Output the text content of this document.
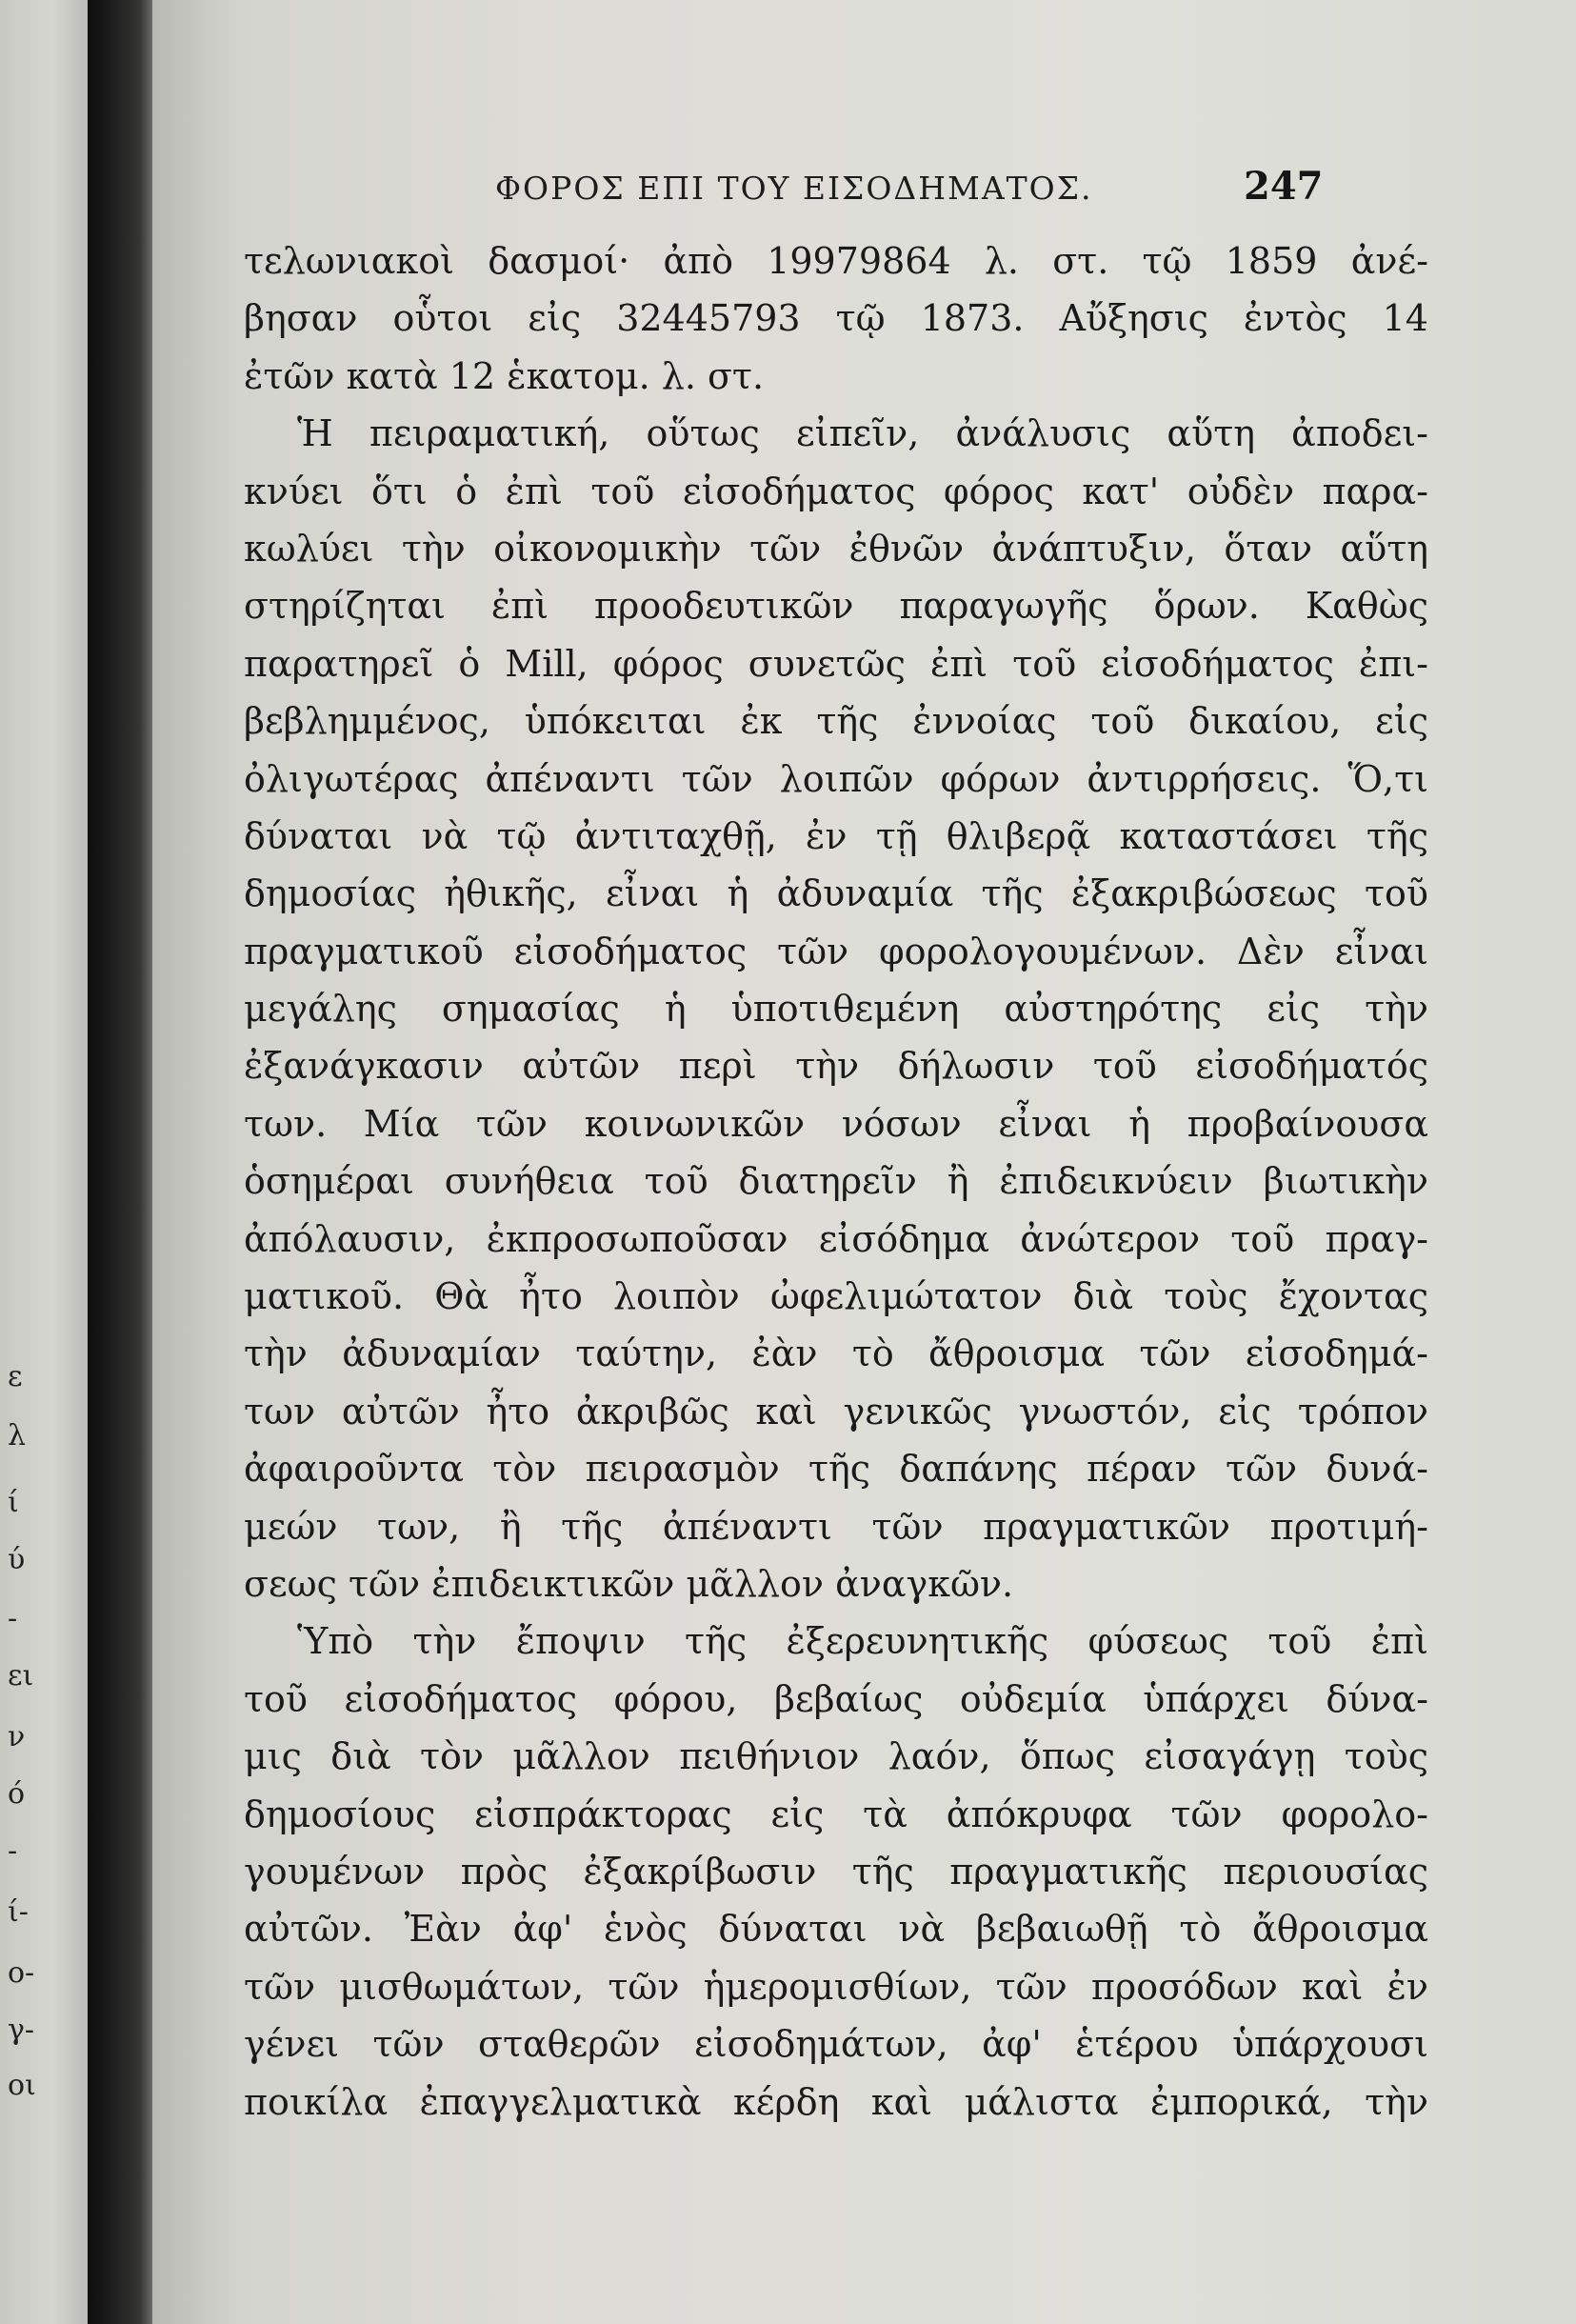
ε
λ
ί
ύ
-
ει
ν
ό
-
ί-
ο-
γ-
οι
ΦΟΡΟΣ ΕΠΙ ΤΟΥ ΕΙΣΟΔΗΜΑΤΟΣ.	247
τελωνιακοὶ δασμοί· ἀπὸ 19979864 λ. στ. τῷ 1859 ἀνέ-
βησαν οὗτοι εἰς 32445793 τῷ 1873. Αὔξησις ἐντὸς 14
ἐτῶν κατὰ 12 ἑκατομ. λ. στ.
Ἡ πειραματική, οὕτως εἰπεῖν, ἀνάλυσις αὕτη ἀποδει-
κνύει ὅτι ὁ ἐπὶ τοῦ εἰσοδήματος φόρος κατ' οὐδὲν παρα-
κωλύει τὴν οἰκονομικὴν τῶν ἐθνῶν ἀνάπτυξιν, ὅταν αὕτη
στηρίζηται ἐπὶ προοδευτικῶν παραγωγῆς ὅρων. Καθὼς
παρατηρεῖ ὁ Mill, φόρος συνετῶς ἐπὶ τοῦ εἰσοδήματος ἐπι-
βεβλημμένος, ὑπόκειται ἐκ τῆς ἐννοίας τοῦ δικαίου, εἰς
ὀλιγωτέρας ἀπέναντι τῶν λοιπῶν φόρων ἀντιρρήσεις. Ὅ,τι
δύναται νὰ τῷ ἀντιταχθῇ, ἐν τῇ θλιβερᾷ καταστάσει τῆς
δημοσίας ἠθικῆς, εἶναι ἡ ἀδυναμία τῆς ἐξακριβώσεως τοῦ
πραγματικοῦ εἰσοδήματος τῶν φορολογουμένων. Δὲν εἶναι
μεγάλης σημασίας ἡ ὑποτιθεμένη αὐστηρότης εἰς τὴν
ἐξανάγκασιν αὐτῶν περὶ τὴν δήλωσιν τοῦ εἰσοδήματός
των. Μία τῶν κοινωνικῶν νόσων εἶναι ἡ προβαίνουσα
ὁσημέραι συνήθεια τοῦ διατηρεῖν ἢ ἐπιδεικνύειν βιωτικὴν
ἀπόλαυσιν, ἐκπροσωποῦσαν εἰσόδημα ἀνώτερον τοῦ πραγ-
ματικοῦ. Θὰ ἦτο λοιπὸν ὠφελιμώτατον διὰ τοὺς ἔχοντας
τὴν ἀδυναμίαν ταύτην, ἐὰν τὸ ἄθροισμα τῶν εἰσοδημά-
των αὐτῶν ἦτο ἀκριβῶς καὶ γενικῶς γνωστόν, εἰς τρόπον
ἀφαιροῦντα τὸν πειρασμὸν τῆς δαπάνης πέραν τῶν δυνά-
μεών των, ἢ τῆς ἀπέναντι τῶν πραγματικῶν προτιμή-
σεως τῶν ἐπιδεικτικῶν μᾶλλον ἀναγκῶν.
Ὑπὸ τὴν ἔποψιν τῆς ἐξερευνητικῆς φύσεως τοῦ ἐπὶ
τοῦ εἰσοδήματος φόρου, βεβαίως οὐδεμία ὑπάρχει δύνα-
μις διὰ τὸν μᾶλλον πειθήνιον λαόν, ὅπως εἰσαγάγῃ τοὺς
δημοσίους εἰσπράκτορας εἰς τὰ ἀπόκρυφα τῶν φορολο-
γουμένων πρὸς ἐξακρίβωσιν τῆς πραγματικῆς περιουσίας
αὐτῶν. Ἐὰν ἀφ' ἑνὸς δύναται νὰ βεβαιωθῇ τὸ ἄθροισμα
τῶν μισθωμάτων, τῶν ἡμερομισθίων, τῶν προσόδων καὶ ἐν
γένει τῶν σταθερῶν εἰσοδημάτων, ἀφ' ἑτέρου ὑπάρχουσι
ποικίλα ἐπαγγελματικὰ κέρδη καὶ μάλιστα ἐμπορικά, τὴν
